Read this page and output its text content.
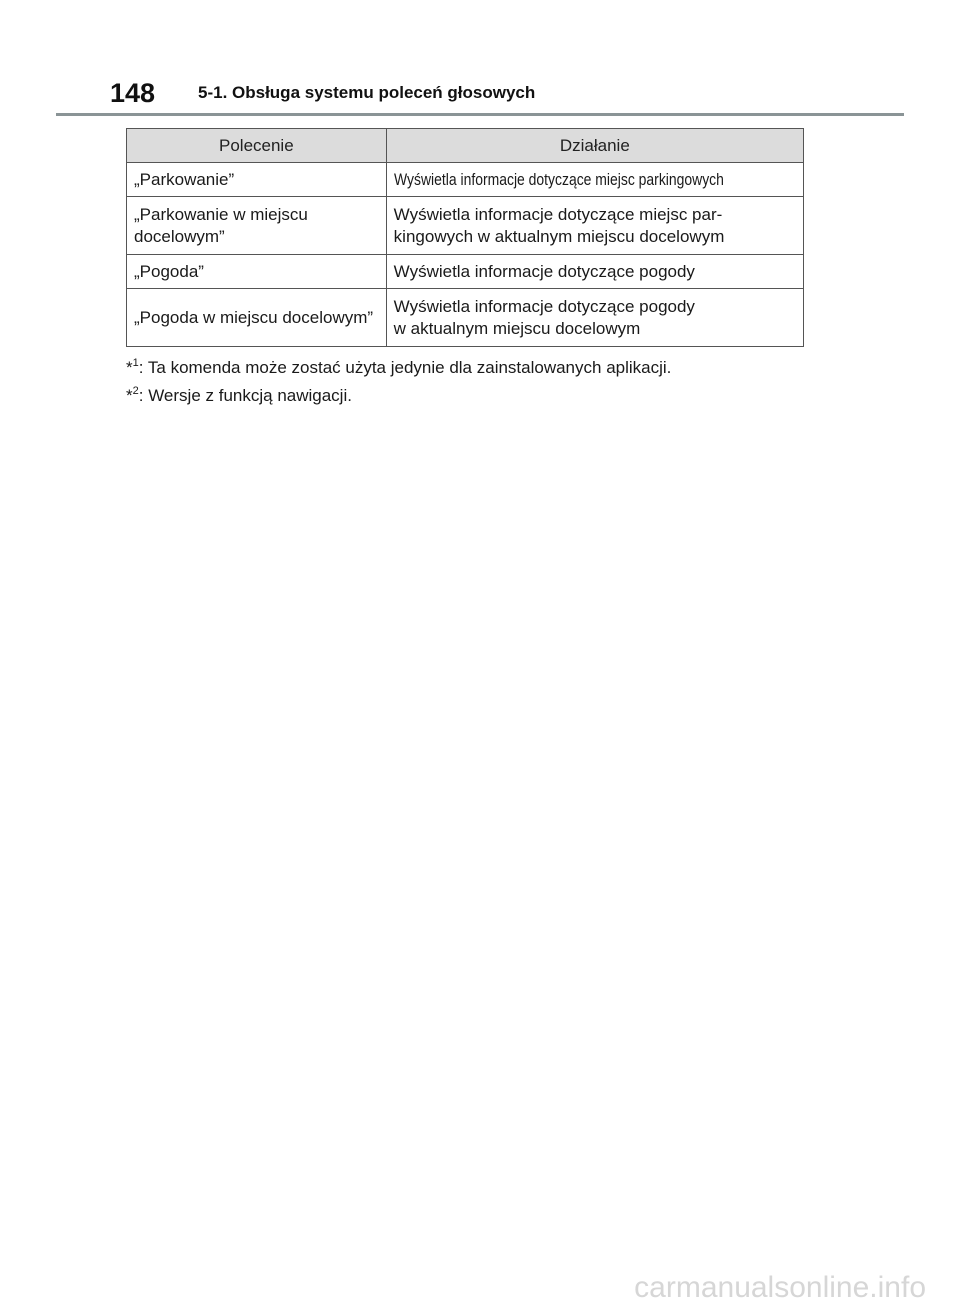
148	5-1. Obsługa systemu poleceń głosowych
Polecenie	Działanie
„Parkowanie”	Wyświetla informacje dotyczące miejsc parkingowych
„Parkowanie w miejscu docelowym”	Wyświetla informacje dotyczące miejsc par-
kingowych w aktualnym miejscu docelowym
„Pogoda”	Wyświetla informacje dotyczące pogody
„Pogoda w miejscu docelowym”	Wyświetla informacje dotyczące pogody
w aktualnym miejscu docelowym

*$^1$: Ta komenda może zostać użyta jedynie dla zainstalowanych aplikacji.

*$^2$: Wersje z funkcją nawigacji.

carmanualsonline.info
